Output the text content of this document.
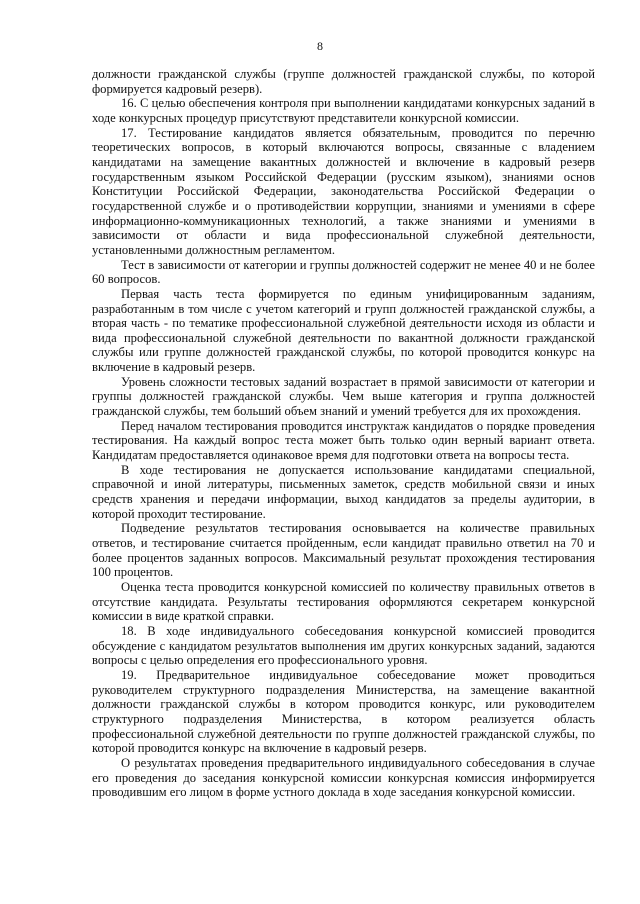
8

должности гражданской службы (группе должностей гражданской службы, по которой формируется кадровый резерв).

16. С целью обеспечения контроля при выполнении кандидатами конкурсных заданий в ходе конкурсных процедур присутствуют представители конкурсной комиссии.

17. Тестирование кандидатов является обязательным, проводится по перечню теоретических вопросов, в который включаются вопросы, связанные с владением кандидатами на замещение вакантных должностей и включение в кадровый резерв государственным языком Российской Федерации (русским языком), знаниями основ Конституции Российской Федерации, законодательства Российской Федерации о государственной службе и о противодействии коррупции, знаниями и умениями в сфере информационно-коммуникационных технологий, а также знаниями и умениями в зависимости от области и вида профессиональной служебной деятельности, установленными должностным регламентом.

Тест в зависимости от категории и группы должностей содержит не менее 40 и не более 60 вопросов.

Первая часть теста формируется по единым унифицированным заданиям, разработанным в том числе с учетом категорий и групп должностей гражданской службы, а вторая часть - по тематике профессиональной служебной деятельности исходя из области и вида профессиональной служебной деятельности по вакантной должности гражданской службы или группе должностей гражданской службы, по которой проводится конкурс на включение в кадровый резерв.

Уровень сложности тестовых заданий возрастает в прямой зависимости от категории и группы должностей гражданской службы. Чем выше категория и группа должностей гражданской службы, тем больший объем знаний и умений требуется для их прохождения.

Перед началом тестирования проводится инструктаж кандидатов о порядке проведения тестирования. На каждый вопрос теста может быть только один верный вариант ответа. Кандидатам предоставляется одинаковое время для подготовки ответа на вопросы теста.

В ходе тестирования не допускается использование кандидатами специальной, справочной и иной литературы, письменных заметок, средств мобильной связи и иных средств хранения и передачи информации, выход кандидатов за пределы аудитории, в которой проходит тестирование.

Подведение результатов тестирования основывается на количестве правильных ответов, и тестирование считается пройденным, если кандидат правильно ответил на 70 и более процентов заданных вопросов. Максимальный результат прохождения тестирования 100 процентов.

Оценка теста проводится конкурсной комиссией по количеству правильных ответов в отсутствие кандидата. Результаты тестирования оформляются секретарем конкурсной комиссии в виде краткой справки.

18. В ходе индивидуального собеседования конкурсной комиссией проводится обсуждение с кандидатом результатов выполнения им других конкурсных заданий, задаются вопросы с целью определения его профессионального уровня.

19. Предварительное индивидуальное собеседование может проводиться руководителем структурного подразделения Министерства, на замещение вакантной должности гражданской службы в котором проводится конкурс, или руководителем структурного подразделения Министерства, в котором реализуется область профессиональной служебной деятельности по группе должностей гражданской службы, по которой проводится конкурс на включение в кадровый резерв.

О результатах проведения предварительного индивидуального собеседования в случае его проведения до заседания конкурсной комиссии конкурсная комиссия информируется проводившим его лицом в форме устного доклада в ходе заседания конкурсной комиссии.
